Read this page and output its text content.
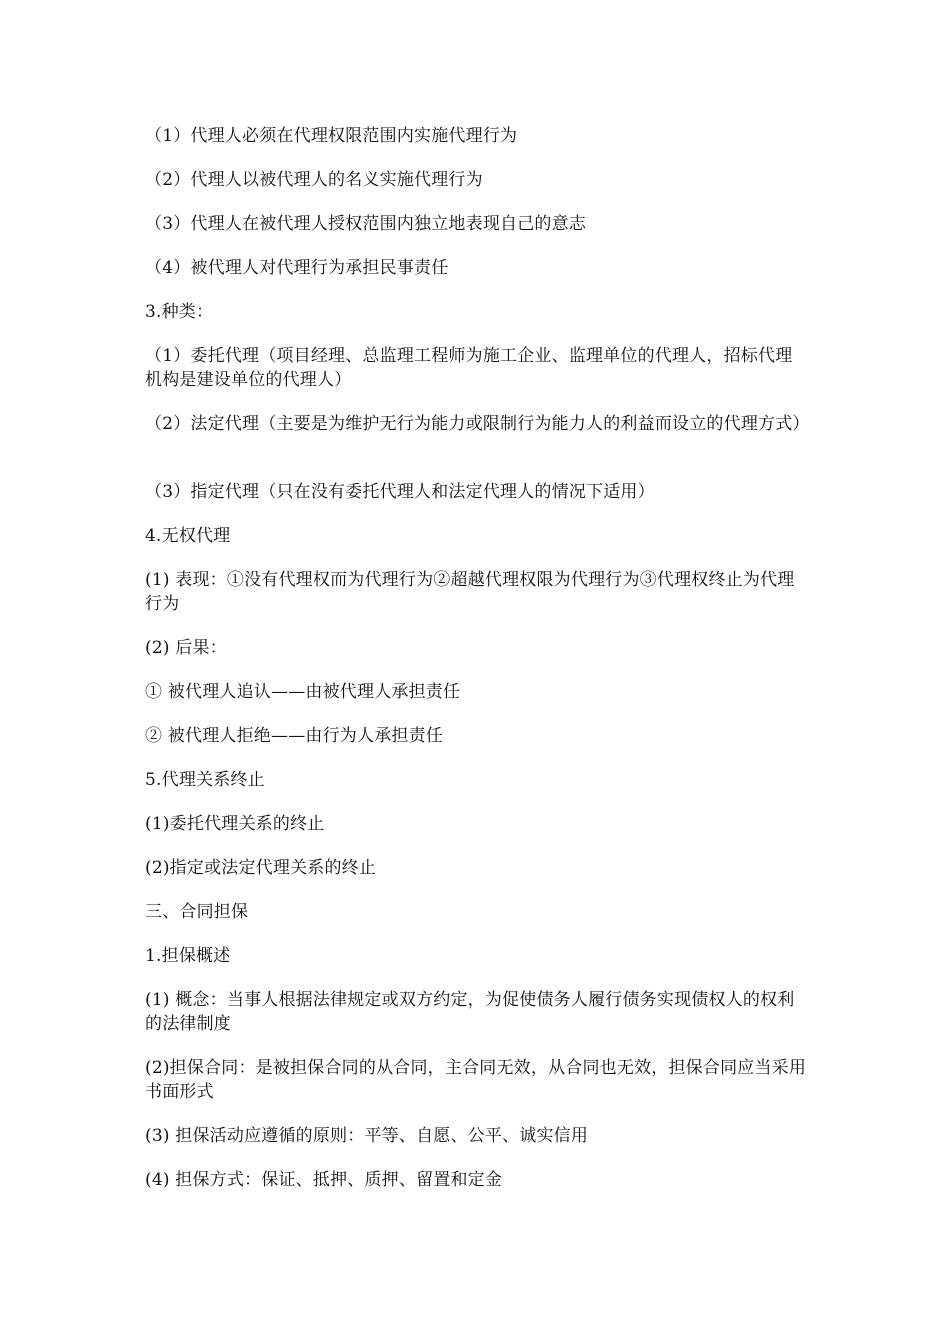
（1）代理人必须在代理权限范围内实施代理行为

（2）代理人以被代理人的名义实施代理行为

（3）代理人在被代理人授权范围内独立地表现自己的意志

（4）被代理人对代理行为承担民事责任

3.种类：

（1）委托代理（项目经理、总监理工程师为施工企业、监理单位的代理人，招标代理机构是建设单位的代理人）

（2）法定代理（主要是为维护无行为能力或限制行为能力人的利益而设立的代理方式）

（3）指定代理（只在没有委托代理人和法定代理人的情况下适用）

4.无权代理

(1) 表现：①没有代理权而为代理行为②超越代理权限为代理行为③代理权终止为代理行为

(2) 后果：

① 被代理人追认——由被代理人承担责任

② 被代理人拒绝——由行为人承担责任

5.代理关系终止

(1)委托代理关系的终止

(2)指定或法定代理关系的终止

三、合同担保

1.担保概述

(1) 概念：当事人根据法律规定或双方约定，为促使债务人履行债务实现债权人的权利的法律制度

(2)担保合同：是被担保合同的从合同，主合同无效，从合同也无效，担保合同应当采用书面形式

(3) 担保活动应遵循的原则：平等、自愿、公平、诚实信用

(4) 担保方式：保证、抵押、质押、留置和定金
